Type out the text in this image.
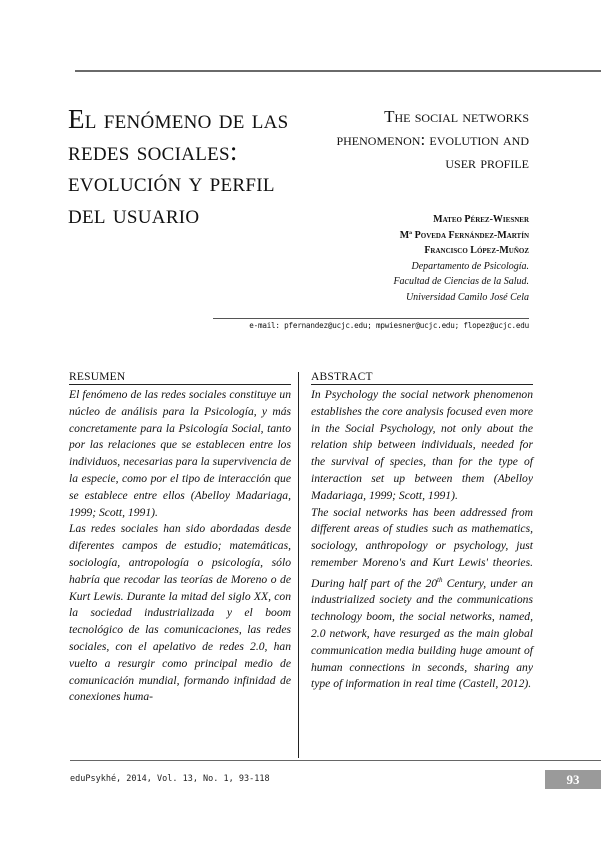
El fenómeno de las redes sociales: evolución y perfil del usuario
The social networks phenomenon: evolution and user profile
Mateo Pérez-Wiesner
Mª Poveda Fernández-Martín
Francisco López-Muñoz
Departamento de Psicología.
Facultad de Ciencias de la Salud.
Universidad Camilo José Cela
e-mail: pfernandez@ucjc.edu; mpwiesner@ucjc.edu; flopez@ucjc.edu
RESUMEN

El fenómeno de las redes sociales constituye un núcleo de análisis para la Psicología, y más concretamente para la Psicología Social, tanto por las relaciones que se establecen entre los individuos, necesarias para la supervivencia de la especie, como por el tipo de interacción que se establece entre ellos (Abelloy Madariaga, 1999; Scott, 1991).

Las redes sociales han sido abordadas desde diferentes campos de estudio; matemáticas, sociología, antropología o psicología, sólo habría que recodar las teorías de Moreno o de Kurt Lewis. Durante la mitad del siglo XX, con la sociedad industrializada y el boom tecnológico de las comunicaciones, las redes sociales, con el apelativo de redes 2.0, han vuelto a resurgir como principal medio de comunicación mundial, formando infinidad de conexiones huma-

ABSTRACT

In Psychology the social network phenomenon establishes the core analysis focused even more in the Social Psychology, not only about the relation ship between individuals, needed for the survival of species, than for the type of interaction set up between them (Abelloy Madariaga, 1999; Scott, 1991).

The social networks has been addressed from different areas of studies such as mathematics, sociology, anthropology or psychology, just remember Moreno's and Kurt Lewis' theories. During half part of the 20th Century, under an industrialized society and the communications technology boom, the social networks, named, 2.0 network, have resurged as the main global communication media building huge amount of human connections in seconds, sharing any type of information in real time (Castell, 2012).

eduPsykhé, 2014, Vol. 13, No. 1, 93-118	93
